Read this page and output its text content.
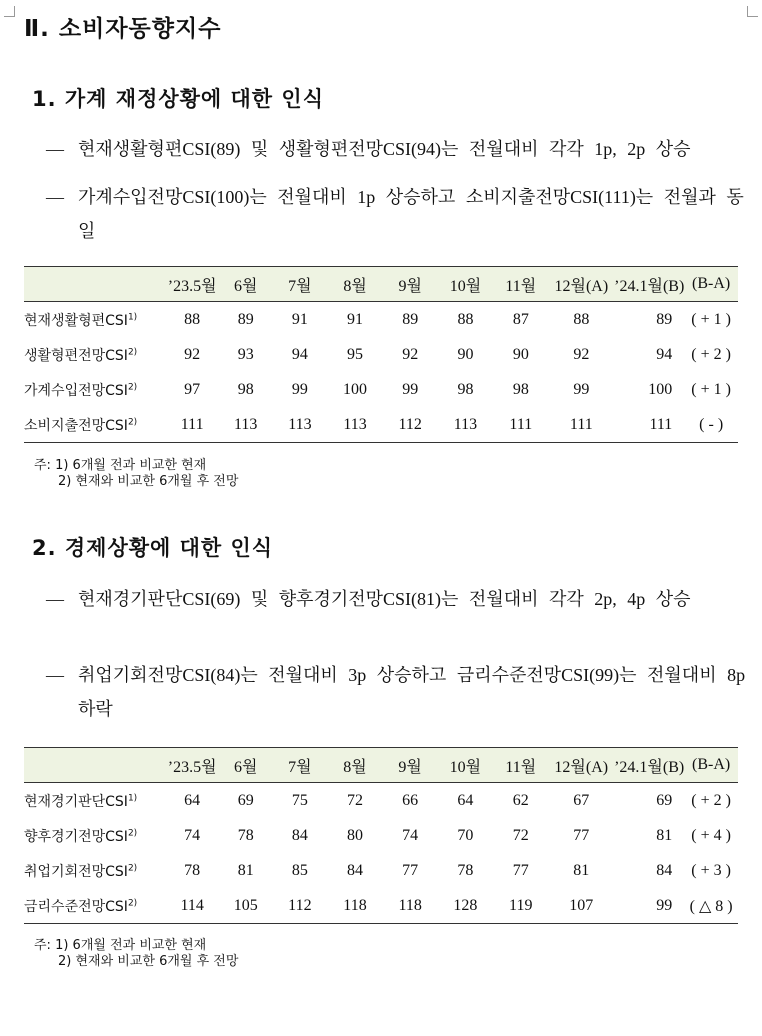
Ⅱ. 소비자동향지수
1. 가계 재정상황에 대한 인식
— 현재생활형편CSI(89) 및 생활형편전망CSI(94)는 전월대비 각각 1p, 2p 상승
— 가계수입전망CSI(100)는 전월대비 1p 상승하고 소비지출전망CSI(111)는 전월과 동일
	’23.5월	6월	7월	8월	9월	10월	11월	12월(A)	’24.1월(B)	(B-A)
현재생활형편CSI$^{1)}$	88	89	91	91	89	88	87	88	89	( + 1 )
생활형편전망CSI$^{2)}$	92	93	94	95	92	90	90	92	94	( + 2 )
가계수입전망CSI$^{2)}$	97	98	99	100	99	98	98	99	100	( + 1 )
소비지출전망CSI$^{2)}$	111	113	113	113	112	113	111	111	111	( - )
주: 1) 6개월 전과 비교한 현재
2) 현재와 비교한 6개월 후 전망
2. 경제상황에 대한 인식
— 현재경기판단CSI(69) 및 향후경기전망CSI(81)는 전월대비 각각 2p, 4p 상승
— 취업기회전망CSI(84)는 전월대비 3p 상승하고 금리수준전망CSI(99)는 전월대비 8p 하락
	’23.5월	6월	7월	8월	9월	10월	11월	12월(A)	’24.1월(B)	(B-A)
현재경기판단CSI$^{1)}$	64	69	75	72	66	64	62	67	69	( + 2 )
향후경기전망CSI$^{2)}$	74	78	84	80	74	70	72	77	81	( + 4 )
취업기회전망CSI$^{2)}$	78	81	85	84	77	78	77	81	84	( + 3 )
금리수준전망CSI$^{2)}$	114	105	112	118	118	128	119	107	99	( △ 8 )
주: 1) 6개월 전과 비교한 현재
2) 현재와 비교한 6개월 후 전망
